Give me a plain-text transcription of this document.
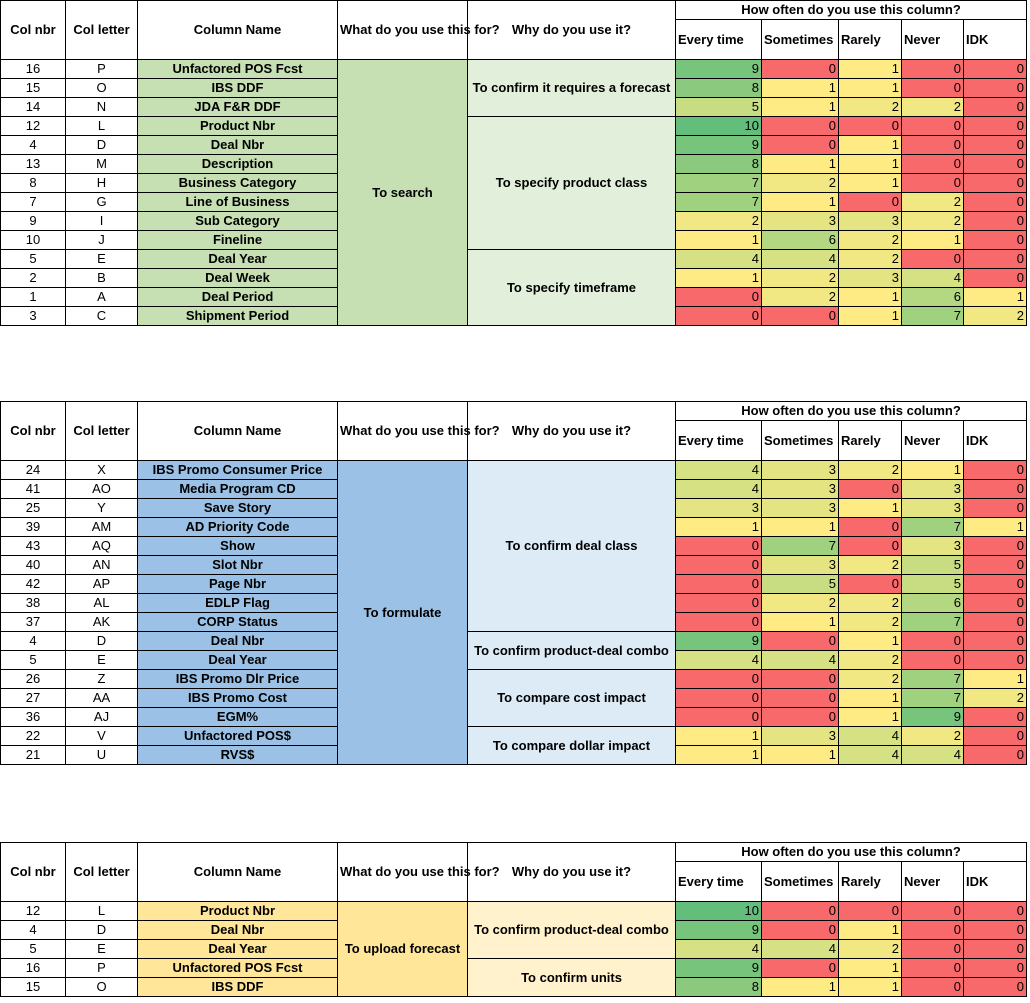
Col nbr	Col letter	Column Name	What do you use this for?	Why do you use it?	How often do you use this column?				
					Every time	Sometimes	Rarely	Never	IDK
16	P	Unfactored POS Fcst	To search	To confirm it requires a forecast	9	0	1	0	0
15	O	IBS DDF			8	1	1	0	0
14	N	JDA F&R DDF			5	1	2	2	0
12	L	Product Nbr		To specify product class	10	0	0	0	0
4	D	Deal Nbr			9	0	1	0	0
13	M	Description			8	1	1	0	0
8	H	Business Category			7	2	1	0	0
7	G	Line of Business			7	1	0	2	0
9	I	Sub Category			2	3	3	2	0
10	J	Fineline			1	6	2	1	0
5	E	Deal Year		To specify timeframe	4	4	2	0	0
2	B	Deal Week			1	2	3	4	0
1	A	Deal Period			0	2	1	6	1
3	C	Shipment Period			0	0	1	7	2
Col nbr	Col letter	Column Name	What do you use this for?	Why do you use it?	How often do you use this column?				
					Every time	Sometimes	Rarely	Never	IDK
24	X	IBS Promo Consumer Price	To formulate	To confirm deal class	4	3	2	1	0
41	AO	Media Program CD			4	3	0	3	0
25	Y	Save Story			3	3	1	3	0
39	AM	AD Priority Code			1	1	0	7	1
43	AQ	Show			0	7	0	3	0
40	AN	Slot Nbr			0	3	2	5	0
42	AP	Page Nbr			0	5	0	5	0
38	AL	EDLP Flag			0	2	2	6	0
37	AK	CORP Status			0	1	2	7	0
4	D	Deal Nbr		To confirm product-deal combo	9	0	1	0	0
5	E	Deal Year			4	4	2	0	0
26	Z	IBS Promo Dlr Price		To compare cost impact	0	0	2	7	1
27	AA	IBS Promo Cost			0	0	1	7	2
36	AJ	EGM%			0	0	1	9	0
22	V	Unfactored POS$		To compare dollar impact	1	3	4	2	0
21	U	RVS$			1	1	4	4	0
Col nbr	Col letter	Column Name	What do you use this for?	Why do you use it?	How often do you use this column?				
					Every time	Sometimes	Rarely	Never	IDK
12	L	Product Nbr	To upload forecast	To confirm product-deal combo	10	0	0	0	0
4	D	Deal Nbr			9	0	1	0	0
5	E	Deal Year			4	4	2	0	0
16	P	Unfactored POS Fcst		To confirm units	9	0	1	0	0
15	O	IBS DDF			8	1	1	0	0
